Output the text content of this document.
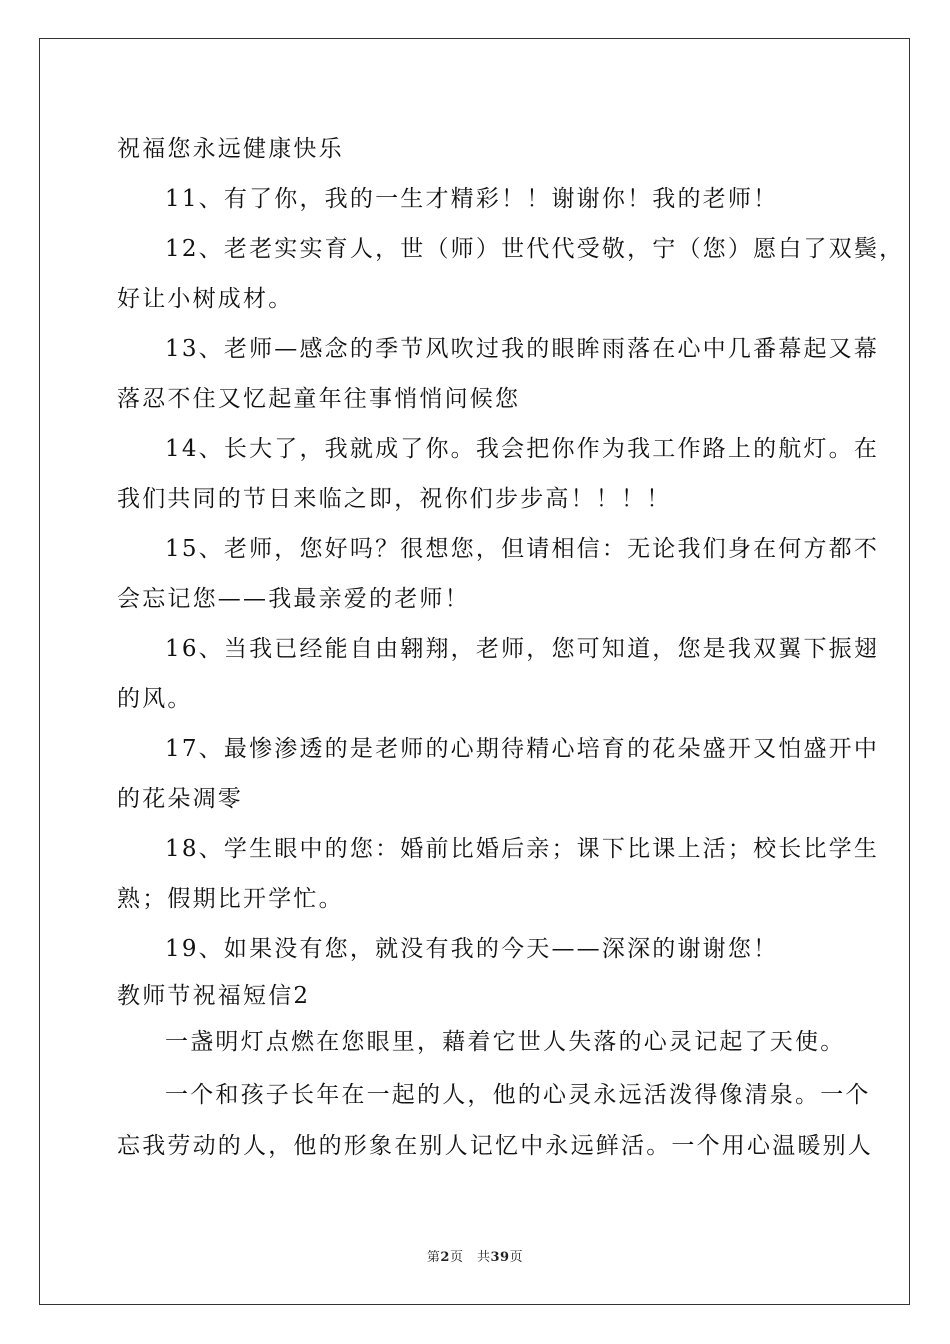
祝福您永远健康快乐
11、有了你，我的一生才精彩！！谢谢你！我的老师！
12、老老实实育人，世（师）世代代受敬，宁（您）愿白了双鬓，
好让小树成材。
13、老师—感念的季节风吹过我的眼眸雨落在心中几番幕起又幕
落忍不住又忆起童年往事悄悄问候您
14、长大了，我就成了你。我会把你作为我工作路上的航灯。在
我们共同的节日来临之即，祝你们步步高！！！！
15、老师，您好吗？很想您，但请相信：无论我们身在何方都不
会忘记您——我最亲爱的老师！
16、当我已经能自由翱翔，老师，您可知道，您是我双翼下振翅
的风。
17、最惨渗透的是老师的心期待精心培育的花朵盛开又怕盛开中
的花朵凋零
18、学生眼中的您：婚前比婚后亲；课下比课上活；校长比学生
熟；假期比开学忙。
19、如果没有您，就没有我的今天——深深的谢谢您！
教师节祝福短信2
一盏明灯点燃在您眼里，藉着它世人失落的心灵记起了天使。
一个和孩子长年在一起的人，他的心灵永远活泼得像清泉。一个
忘我劳动的人，他的形象在别人记忆中永远鲜活。一个用心温暖别人
第2页　共39页
